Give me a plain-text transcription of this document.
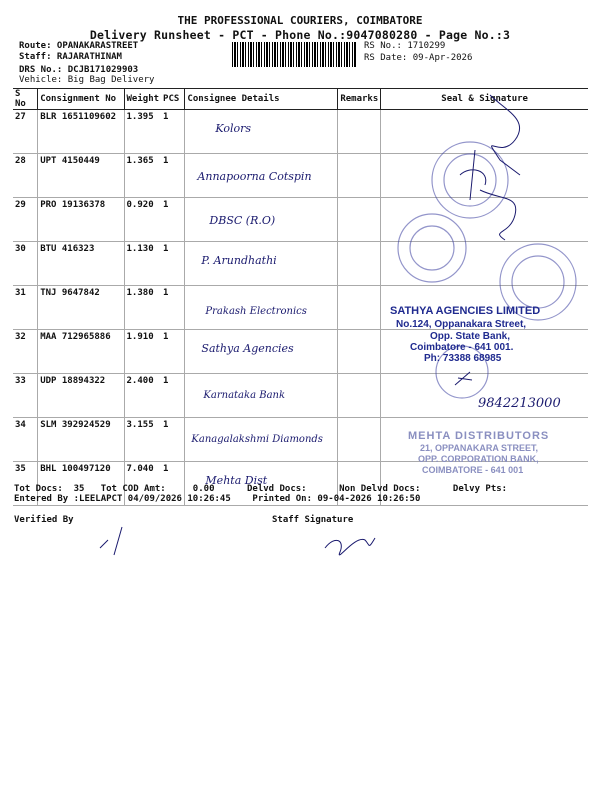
THE PROFESSIONAL COURIERS, COIMBATORE
Delivery Runsheet - PCT - Phone No.:9047080280 - Page No.:3
Route: OPANAKARASTREET
Staff: RAJARATHINAM
DRS No.: DCJB171029903
Vehicle: Big Bag Delivery
RS No.: 1710299
RS Date: 09-Apr-2026
S No	Consignment No	Weight	PCS	Consignee Details	Remarks	Seal & Signature
27	BLR 1651109602	1.395	1	Kolors		
28	UPT 4150449	1.365	1	Annapoorna Cotspin		
29	PRO 19136378	0.920	1	DBSC (R.O)		
30	BTU 416323	1.130	1	P. Arundhathi		
31	TNJ 9647842	1.380	1	Prakash Electronics		
32	MAA 712965886	1.910	1	Sathya Agencies		
33	UDP 18894322	2.400	1	Karnataka Bank		
34	SLM 392924529	3.155	1	Kanagalakshmi Diamonds		
35	BHL 100497120	7.040	1	Mehta Dist		
SATHYA AGENCIES LIMITED
No.124, Oppanakara Street,
Opp. State Bank,
Coimbatore - 641 001.
Ph: 73388 68985
9842213000
MEHTA DISTRIBUTORS
21, OPPANAKARA STREET,
OPP. CORPORATION BANK,
COIMBATORE - 641 001
Tot Docs:  35   Tot COD Amt:     0.00      Delvd Docs:      Non Delvd Docs:      Delvy Pts:
Entered By :LEELAPCT 04/09/2026 10:26:45    Printed On: 09-04-2026 10:26:50
Verified By	Staff Signature
